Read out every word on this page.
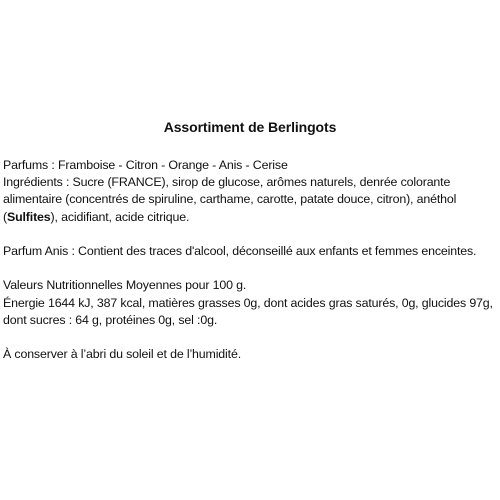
Assortiment de Berlingots
Parfums : Framboise - Citron - Orange - Anis - Cerise
Ingrédients : Sucre (FRANCE), sirop de glucose, arômes naturels, denrée colorante
alimentaire (concentrés de spiruline, carthame, carotte, patate douce, citron), anéthol
(Sulfites), acidifiant, acide citrique.
Parfum Anis : Contient des traces d'alcool, déconseillé aux enfants et femmes enceintes.
Valeurs Nutritionnelles Moyennes pour 100 g.
Énergie 1644 kJ, 387 kcal, matières grasses 0g, dont acides gras saturés, 0g, glucides 97g,
dont sucres : 64 g, protéines 0g, sel :0g.
À conserver à l’abri du soleil et de l’humidité.
